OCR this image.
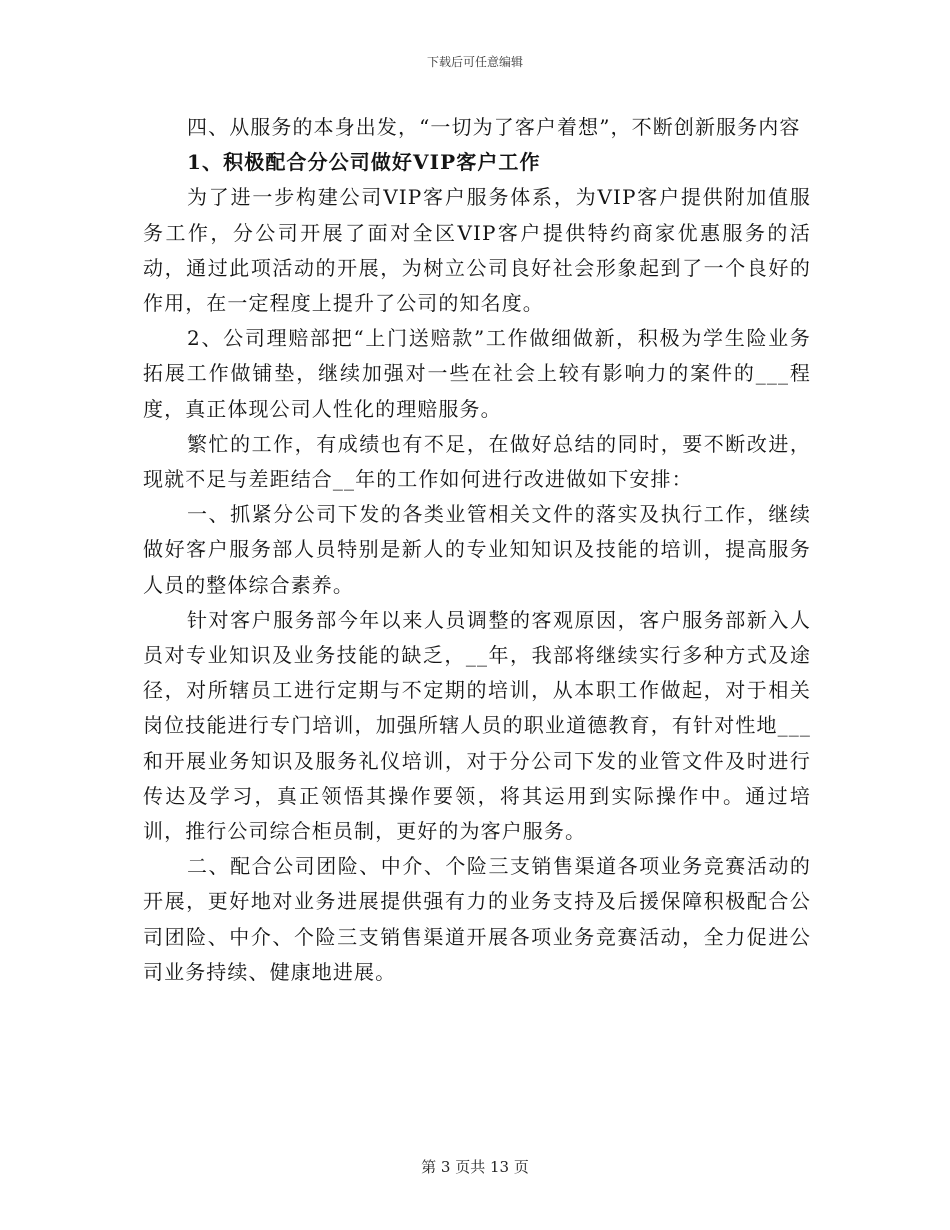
下载后可任意编辑

四、从服务的本身出发，“一切为了客户着想”，不断创新服务内容

1、积极配合分公司做好VIP客户工作

为了进一步构建公司VIP客户服务体系，为VIP客户提供附加值服务工作，分公司开展了面对全区VIP客户提供特约商家优惠服务的活动，通过此项活动的开展，为树立公司良好社会形象起到了一个良好的作用，在一定程度上提升了公司的知名度。

2、公司理赔部把“上门送赔款”工作做细做新，积极为学生险业务拓展工作做铺垫，继续加强对一些在社会上较有影响力的案件的___程度，真正体现公司人性化的理赔服务。

繁忙的工作，有成绩也有不足，在做好总结的同时，要不断改进，现就不足与差距结合__年的工作如何进行改进做如下安排：

一、抓紧分公司下发的各类业管相关文件的落实及执行工作，继续做好客户服务部人员特别是新人的专业知知识及技能的培训，提高服务人员的整体综合素养。

针对客户服务部今年以来人员调整的客观原因，客户服务部新入人员对专业知识及业务技能的缺乏，__年，我部将继续实行多种方式及途径，对所辖员工进行定期与不定期的培训，从本职工作做起，对于相关岗位技能进行专门培训，加强所辖人员的职业道德教育，有针对性地___和开展业务知识及服务礼仪培训，对于分公司下发的业管文件及时进行传达及学习，真正领悟其操作要领，将其运用到实际操作中。通过培训，推行公司综合柜员制，更好的为客户服务。

二、配合公司团险、中介、个险三支销售渠道各项业务竞赛活动的开展，更好地对业务进展提供强有力的业务支持及后援保障积极配合公司团险、中介、个险三支销售渠道开展各项业务竞赛活动，全力促进公司业务持续、健康地进展。

第 3 页共 13 页
